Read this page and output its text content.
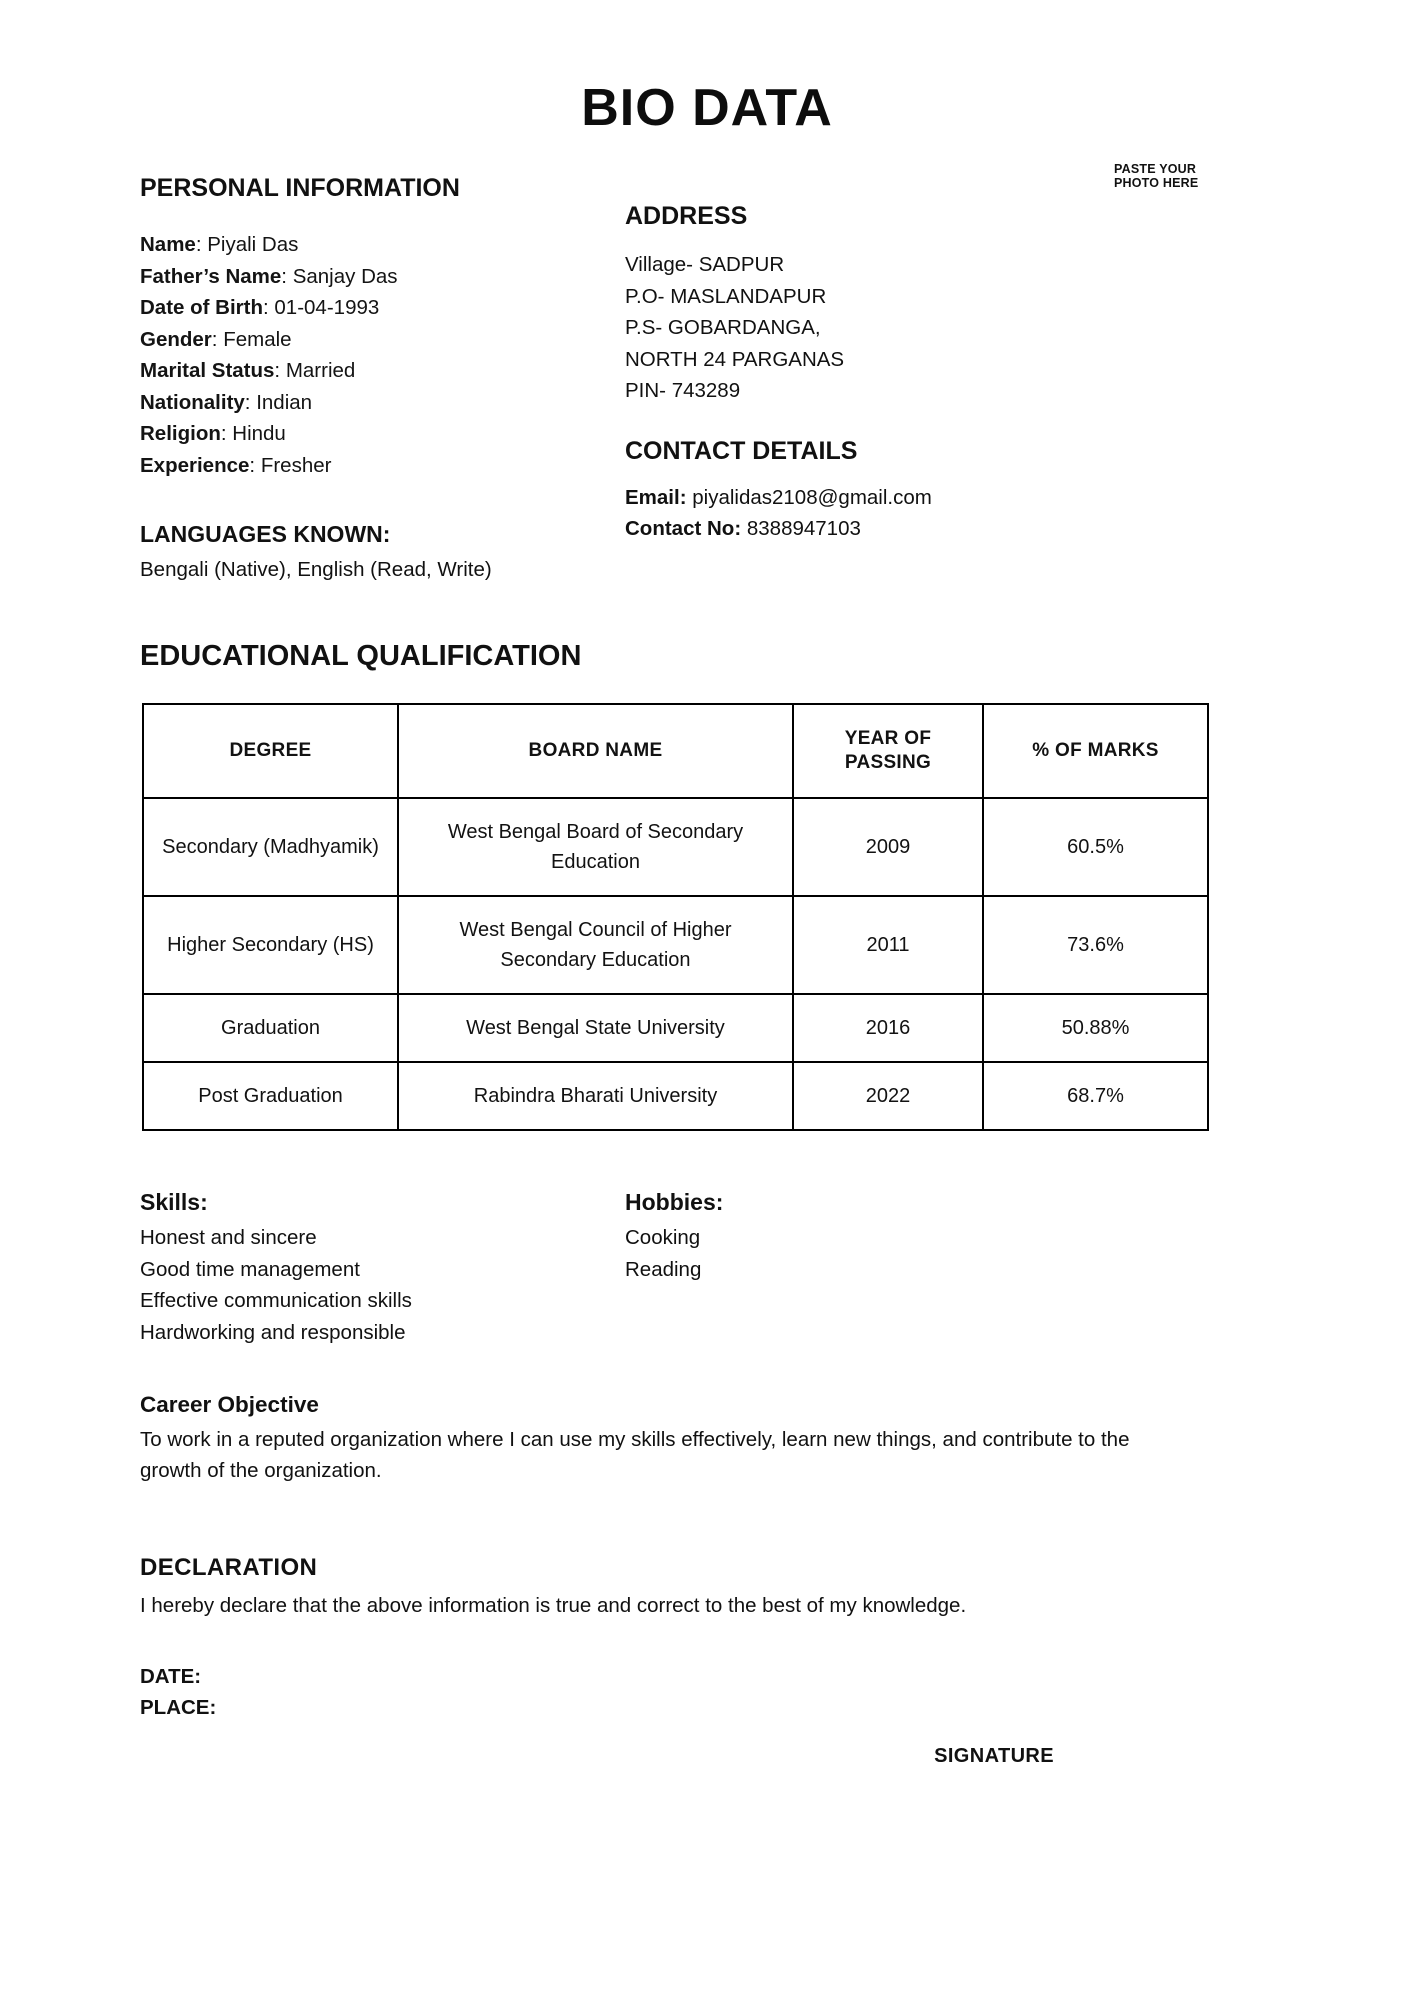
BIO DATA
PERSONAL INFORMATION
Name: Piyali Das
Father’s Name: Sanjay Das
Date of Birth: 01-04-1993
Gender: Female
Marital Status: Married
Nationality: Indian
Religion: Hindu
Experience: Fresher
LANGUAGES KNOWN:
Bengali (Native), English (Read, Write)
PASTE YOUR
PHOTO HERE
ADDRESS
Village- SADPUR
P.O- MASLANDAPUR
P.S- GOBARDANGA,
NORTH 24 PARGANAS
PIN- 743289
CONTACT DETAILS
Email: piyalidas2108@gmail.com
Contact No: 8388947103
EDUCATIONAL QUALIFICATION
DEGREE	BOARD NAME	YEAR OF PASSING	% OF MARKS
Secondary (Madhyamik)	West Bengal Board of Secondary Education	2009	60.5%
Higher Secondary (HS)	West Bengal Council of Higher Secondary Education	2011	73.6%
Graduation	West Bengal State University	2016	50.88%
Post Graduation	Rabindra Bharati University	2022	68.7%
Skills:
Honest and sincere
Good time management
Effective communication skills
Hardworking and responsible
Hobbies:
Cooking
Reading
Career Objective
To work in a reputed organization where I can use my skills effectively, learn new things, and contribute to the growth of the organization.
DECLARATION
I hereby declare that the above information is true and correct to the best of my knowledge.
DATE:
PLACE:
SIGNATURE
